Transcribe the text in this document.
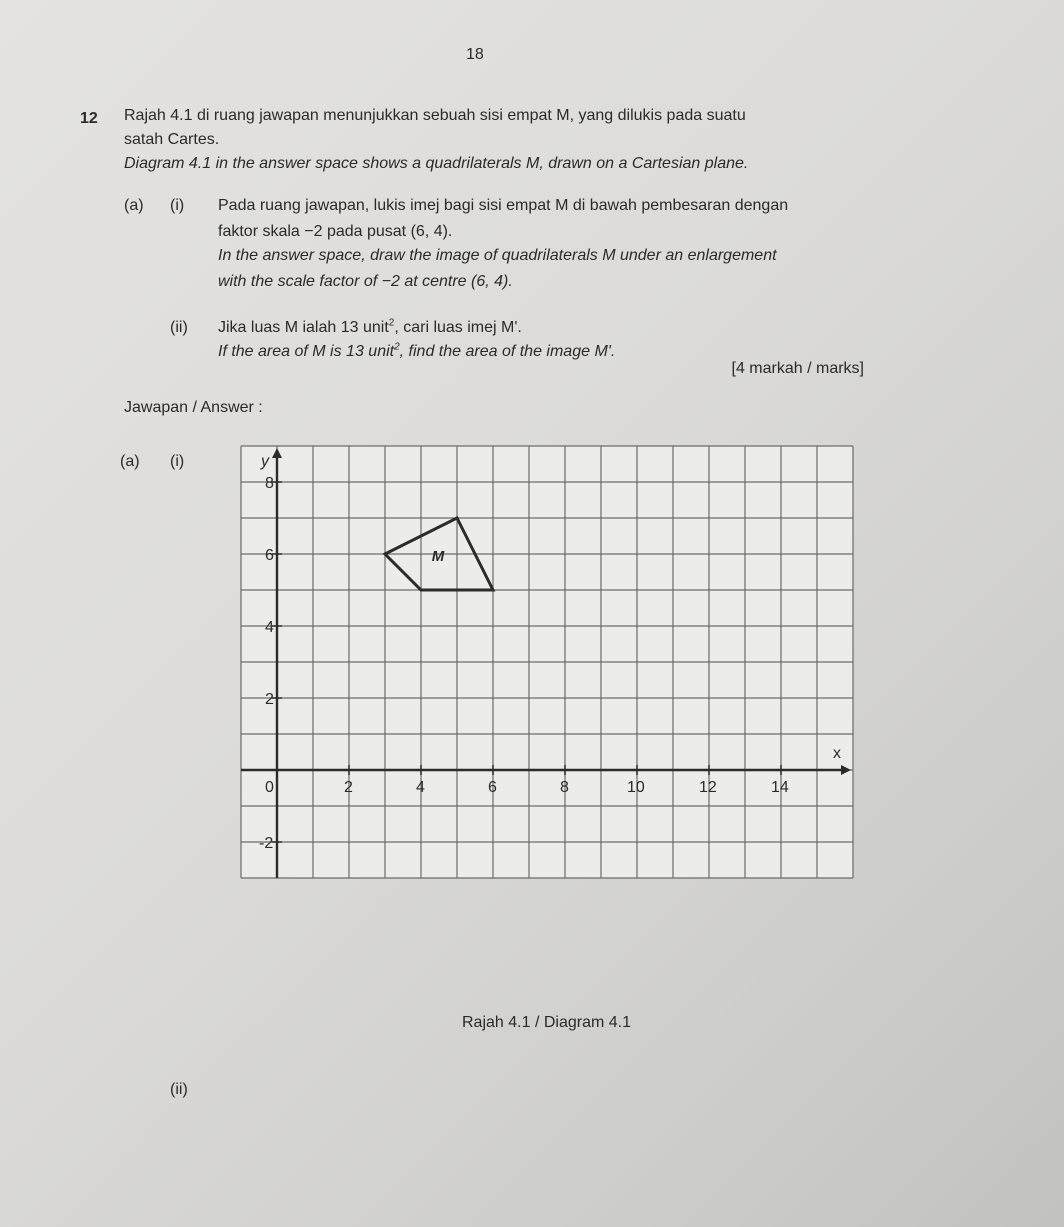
18
12 Rajah 4.1 di ruang jawapan menunjukkan sebuah sisi empat M, yang dilukis pada suatu
satah Cartes.
Diagram 4.1 in the answer space shows a quadrilaterals M, drawn on a Cartesian plane.
(a) (i) Pada ruang jawapan, lukis imej bagi sisi empat M di bawah pembesaran dengan
faktor skala −2 pada pusat (6, 4).
In the answer space, draw the image of quadrilaterals M under an enlargement
with the scale factor of −2 at centre (6, 4).
(ii) Jika luas M ialah 13 unit$^2$, cari luas imej M'.
If the area of M is 13 unit$^2$, find the area of the image M'.
[4 markah / marks]
Jawapan / Answer :
(a) (i)
x
y
0	2	4	6	8	10	12	14
-2
2
4
6
8
M
Rajah 4.1 / Diagram 4.1
(ii)
